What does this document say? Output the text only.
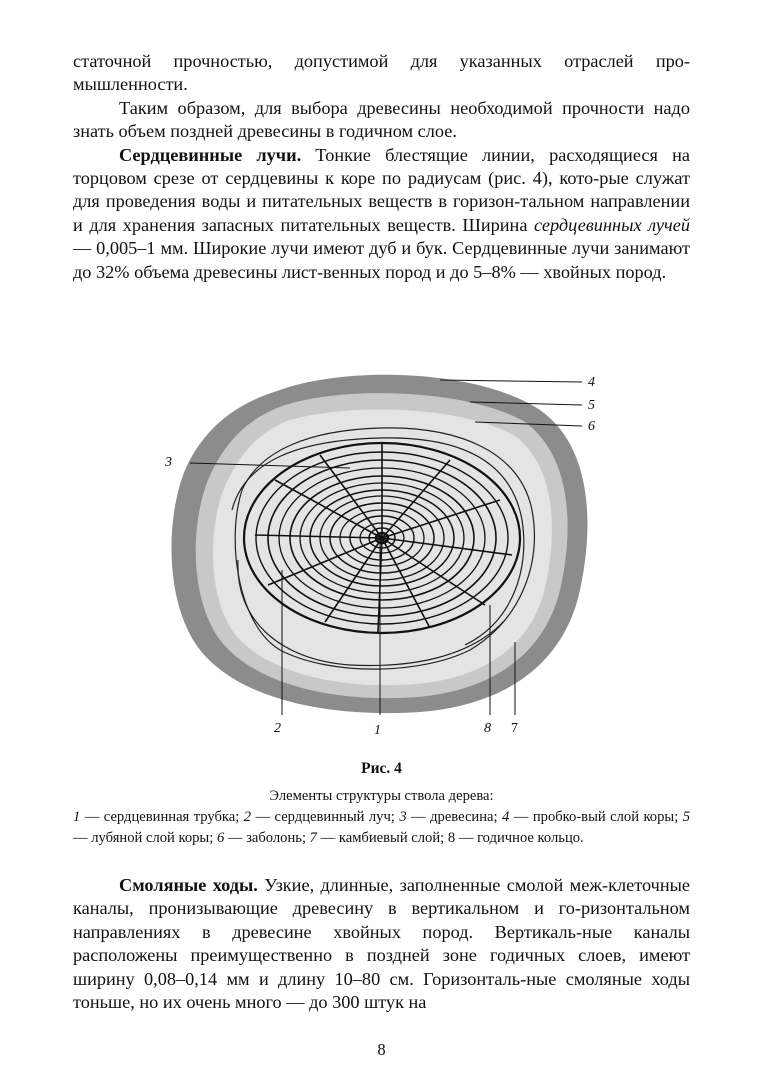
статочной прочностью, допустимой для указанных отраслей про-

мышленности.

Таким образом, для выбора древесины необходимой прочности надо знать объем поздней древесины в годичном слое.

Сердцевинные лучи. Тонкие блестящие линии, расходящиеся на торцовом срезе от сердцевины к коре по радиусам (рис. 4), кото-рые служат для проведения воды и питательных веществ в горизон-тальном направлении и для хранения запасных питательных веществ. Ширина сердцевинных лучей — 0,005–1 мм. Широкие лучи имеют дуб и бук. Сердцевинные лучи занимают до 32% объема древесины лист-венных пород и до 5–8% — хвойных пород.

4
5
6
3
2	1	8 7
Рис. 4
Элементы структуры ствола дерева:
1 — сердцевинная трубка; 2 — сердцевинный луч; 3 — древесина; 4 — пробко-вый слой коры; 5 — лубяной слой коры; 6 — заболонь; 7 — камбиевый слой; 8 — годичное кольцо.

Смоляные ходы. Узкие, длинные, заполненные смолой меж-клеточные каналы, пронизывающие древесину в вертикальном и го-ризонтальном направлениях в древесине хвойных пород. Вертикаль-ные каналы расположены преимущественно в поздней зоне годичных слоев, имеют ширину 0,08–0,14 мм и длину 10–80 см. Горизонталь-ные смоляные ходы тоньше, но их очень много — до 300 штук на

8
